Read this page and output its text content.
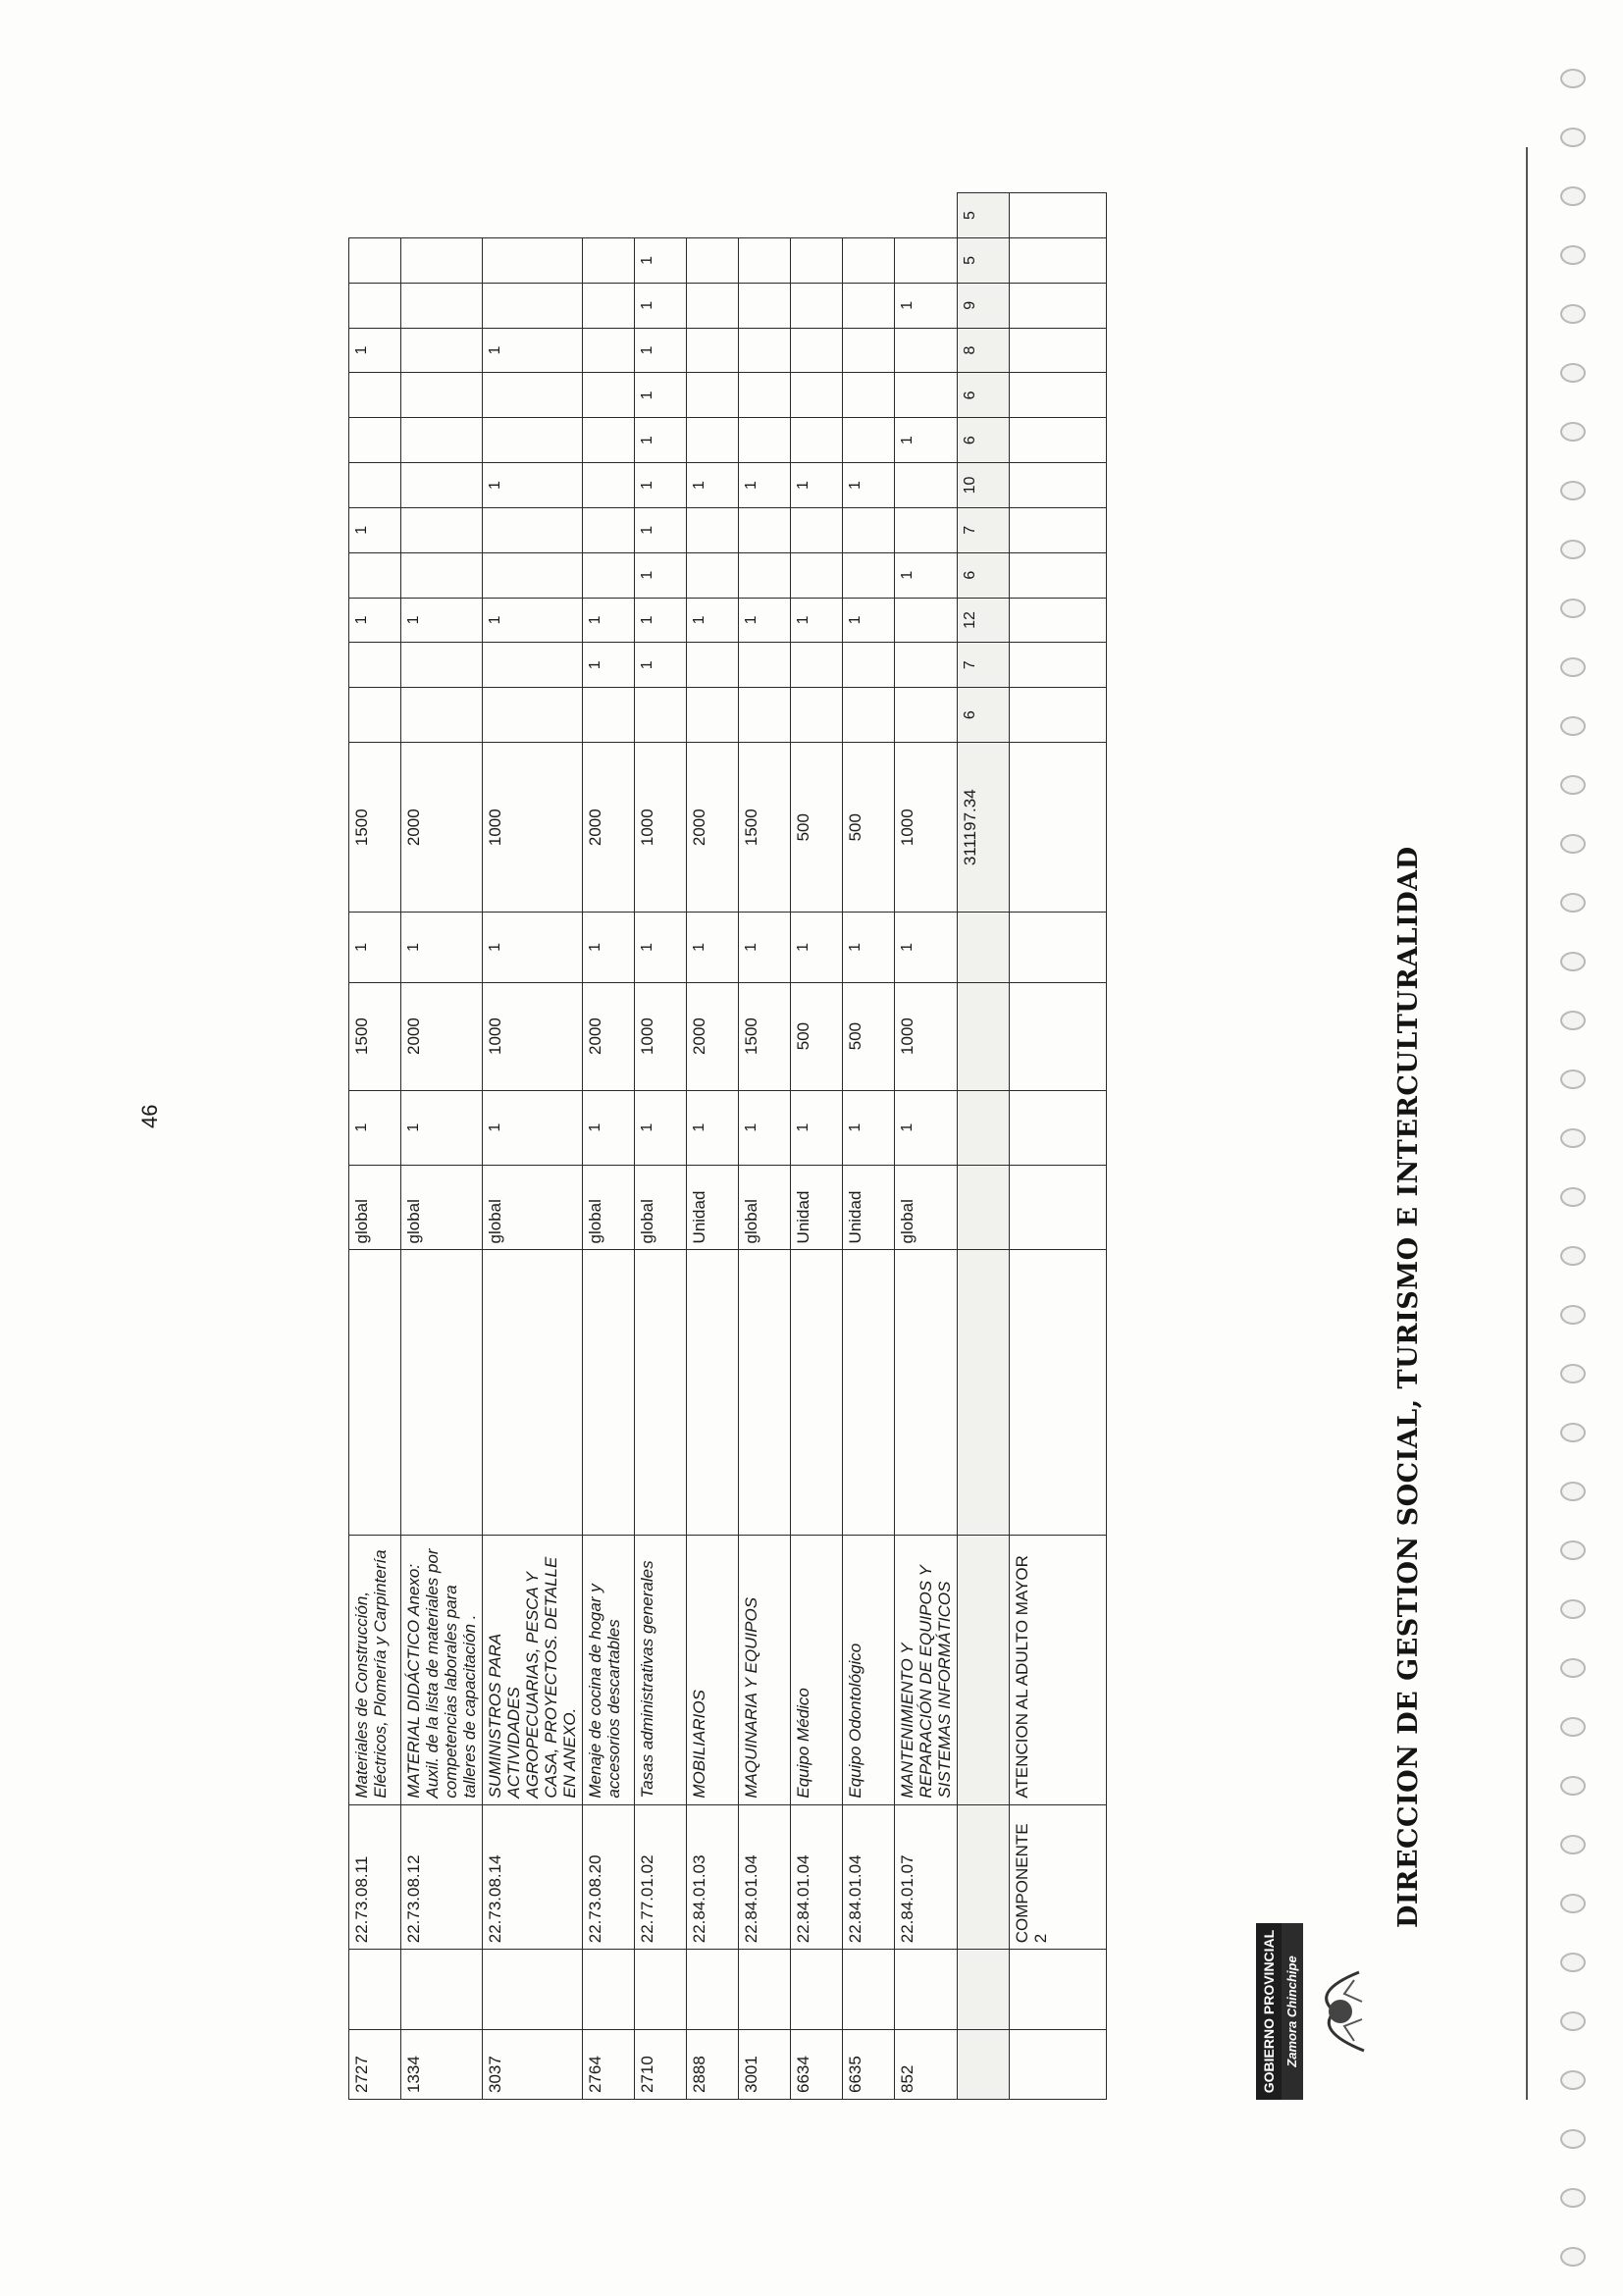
GOBIERNO PROVINCIAL Zamora Chinchipe
DIRECCION DE GESTION SOCIAL, TURISMO E INTERCULTURALIDAD
2727		22.73.08.11	Materiales de Construcción, Eléctricos, Plomería y Carpintería		global	1	1500	1	1500			1		1				1			
1334		22.73.08.12	MATERIAL DIDÁCTICO Anexo: Auxil. de la lista de materiales por competencias laborales para talleres de capacitación .		global	1	2000	1	2000			1									
3037		22.73.08.14	SUMINISTROS PARA ACTIVIDADES AGROPECUARIAS, PESCA Y CASA, PROYECTOS. DETALLE EN ANEXO.		global	1	1000	1	1000			1			1			1			
2764		22.73.08.20	Menaje de cocina de hogar y accesorios descartables		global	1	2000	1	2000		1	1									
2710		22.77.01.02	Tasas administrativas generales		global	1	1000	1	1000		1	1	1	1	1	1	1	1	1	1	
2888		22.84.01.03	MOBILIARIOS		Unidad	1	2000	1	2000			1			1						
3001		22.84.01.04	MAQUINARIA Y EQUIPOS		global	1	1500	1	1500			1			1						
6634		22.84.01.04	Equipo Médico		Unidad	1	500	1	500			1			1						
6635		22.84.01.04	Equipo Odontológico		Unidad	1	500	1	500			1			1						
852		22.84.01.07	MANTENIMIENTO Y REPARACIÓN DE EQUIPOS Y SISTEMAS INFORMÁTICOS		global	1	1000	1	1000				1			1			1		
									311197.34	6	7	12	6	7	10	6	6	8	9	5	5
		COMPONENTE 2	ATENCION AL ADULTO MAYOR																		
46
